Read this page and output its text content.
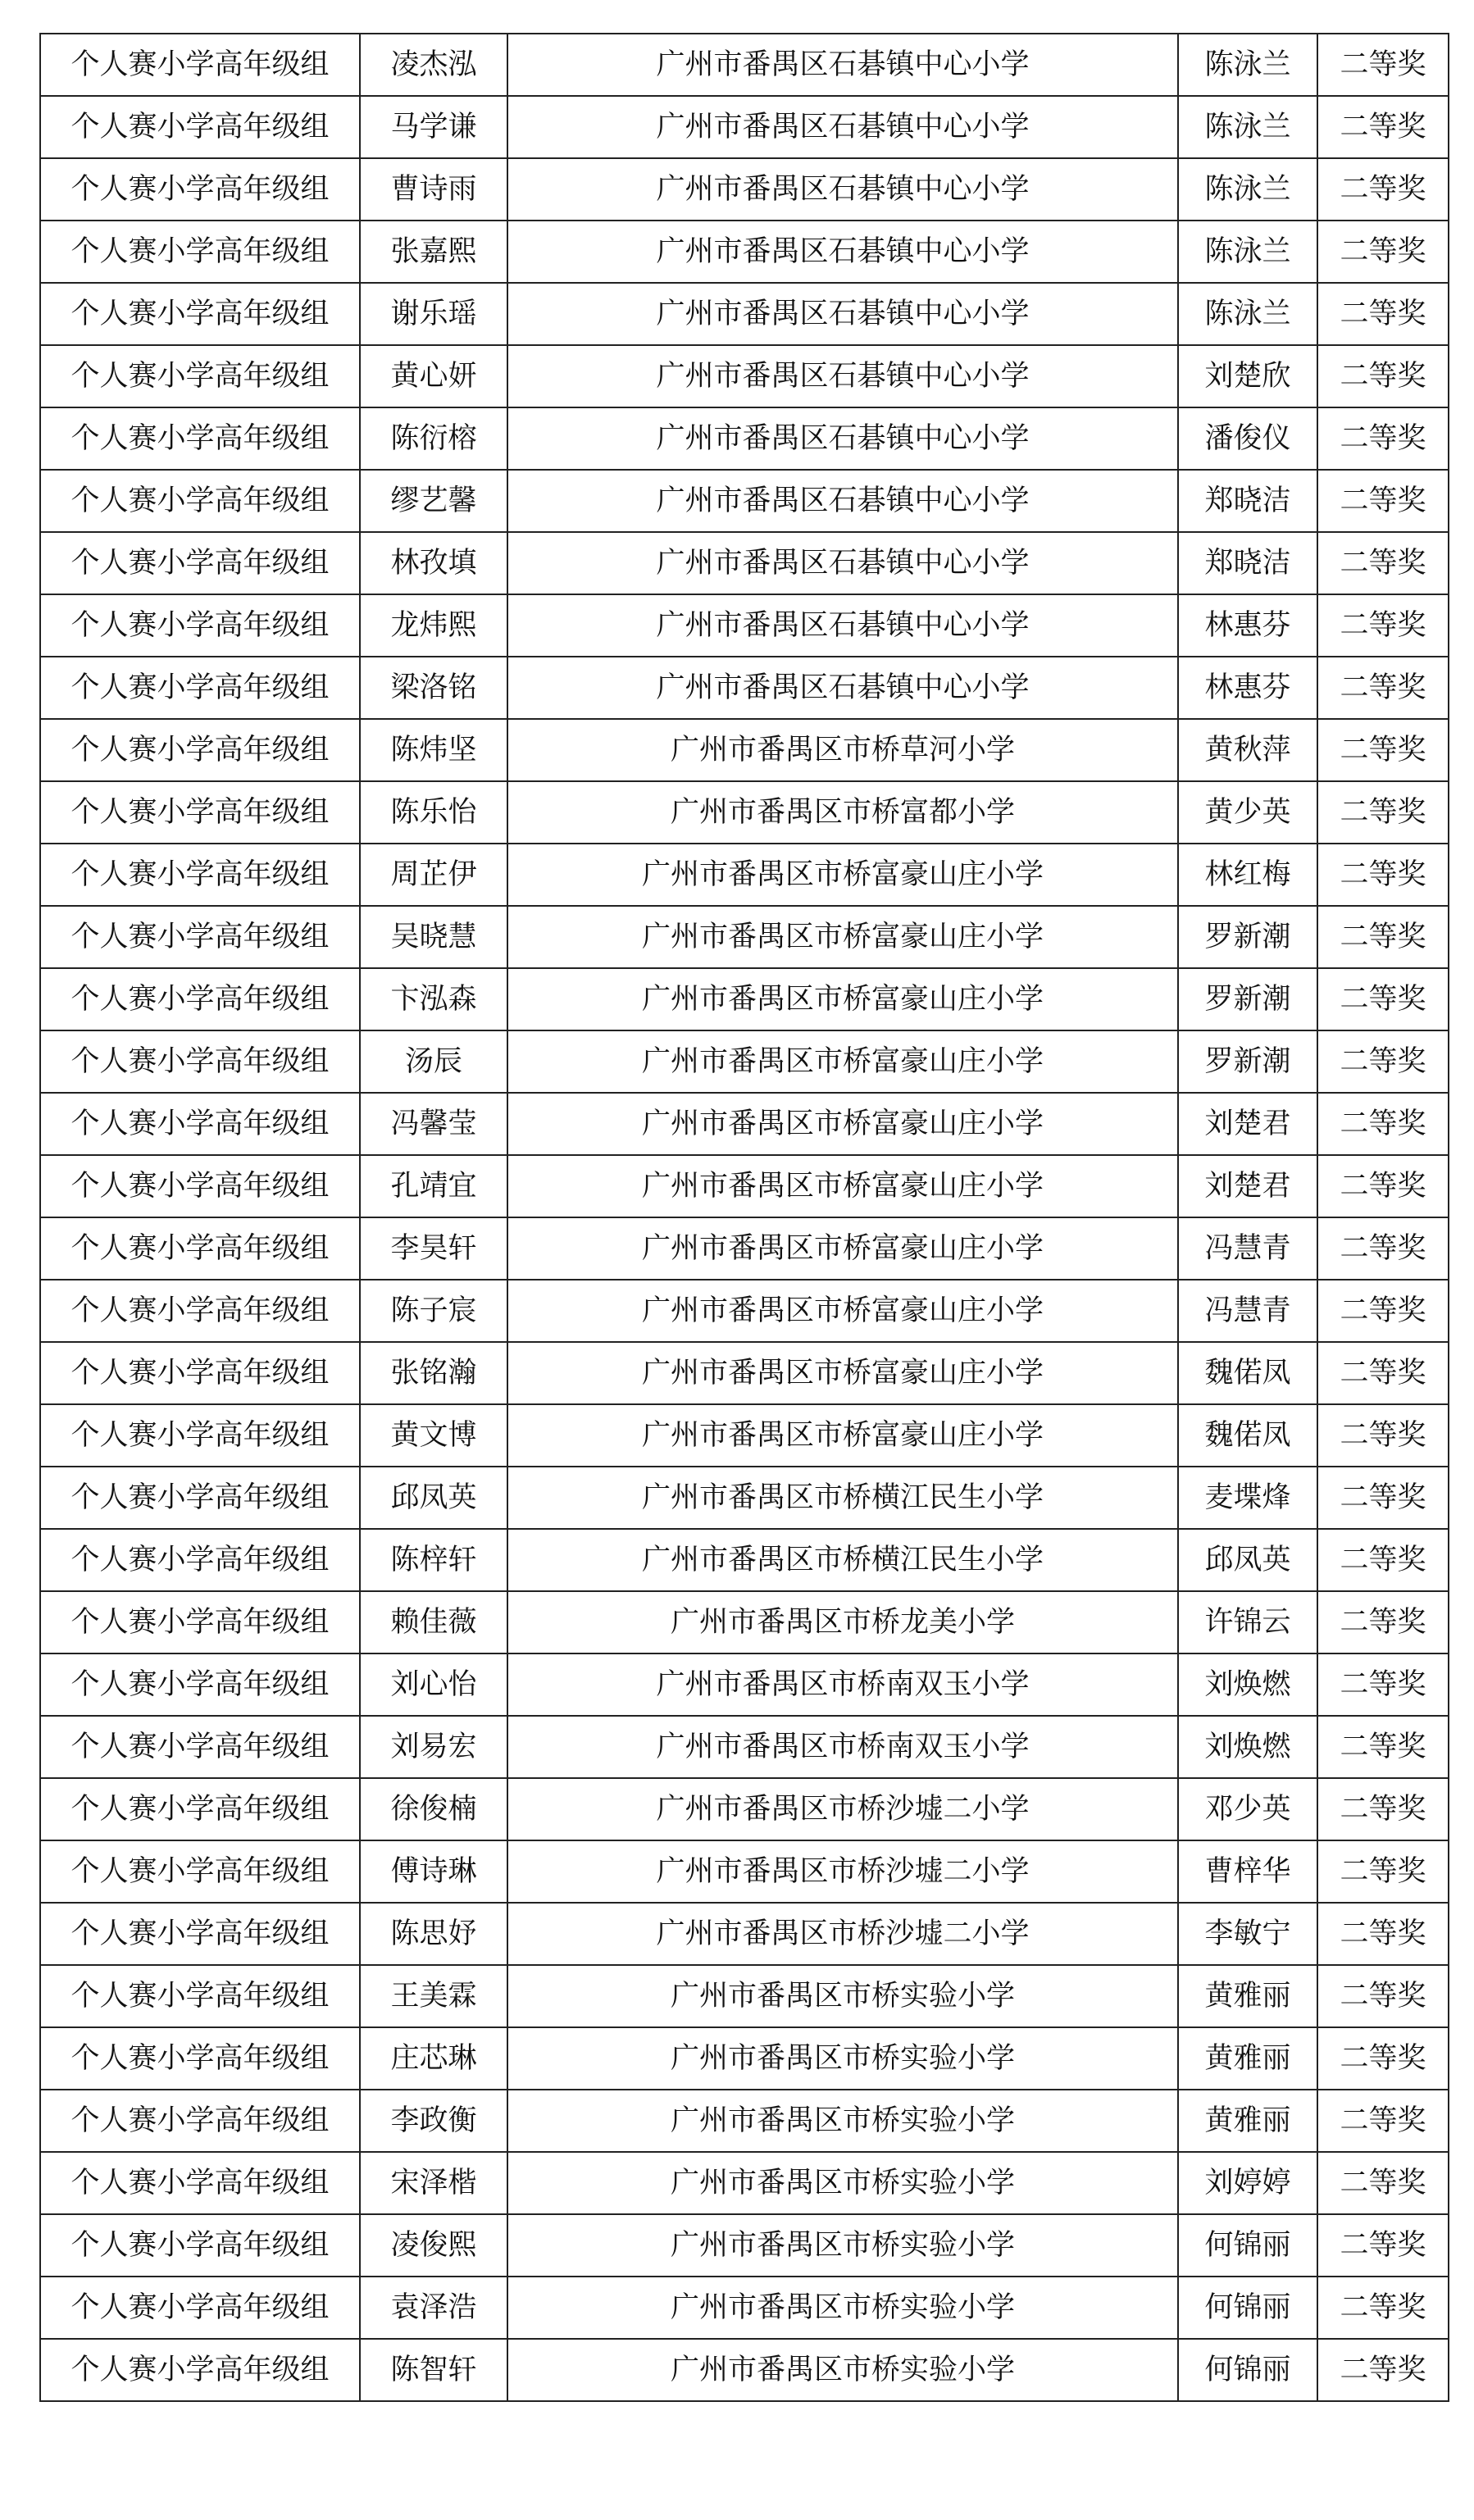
个人赛小学高年级组	凌杰泓	广州市番禺区石碁镇中心小学	陈泳兰	二等奖
个人赛小学高年级组	马学谦	广州市番禺区石碁镇中心小学	陈泳兰	二等奖
个人赛小学高年级组	曹诗雨	广州市番禺区石碁镇中心小学	陈泳兰	二等奖
个人赛小学高年级组	张嘉熙	广州市番禺区石碁镇中心小学	陈泳兰	二等奖
个人赛小学高年级组	谢乐瑶	广州市番禺区石碁镇中心小学	陈泳兰	二等奖
个人赛小学高年级组	黄心妍	广州市番禺区石碁镇中心小学	刘楚欣	二等奖
个人赛小学高年级组	陈衍榕	广州市番禺区石碁镇中心小学	潘俊仪	二等奖
个人赛小学高年级组	缪艺馨	广州市番禺区石碁镇中心小学	郑晓洁	二等奖
个人赛小学高年级组	林孜填	广州市番禺区石碁镇中心小学	郑晓洁	二等奖
个人赛小学高年级组	龙炜熙	广州市番禺区石碁镇中心小学	林惠芬	二等奖
个人赛小学高年级组	梁洛铭	广州市番禺区石碁镇中心小学	林惠芬	二等奖
个人赛小学高年级组	陈炜坚	广州市番禺区市桥草河小学	黄秋萍	二等奖
个人赛小学高年级组	陈乐怡	广州市番禺区市桥富都小学	黄少英	二等奖
个人赛小学高年级组	周芷伊	广州市番禺区市桥富豪山庄小学	林红梅	二等奖
个人赛小学高年级组	吴晓慧	广州市番禺区市桥富豪山庄小学	罗新潮	二等奖
个人赛小学高年级组	卞泓森	广州市番禺区市桥富豪山庄小学	罗新潮	二等奖
个人赛小学高年级组	汤辰	广州市番禺区市桥富豪山庄小学	罗新潮	二等奖
个人赛小学高年级组	冯馨莹	广州市番禺区市桥富豪山庄小学	刘楚君	二等奖
个人赛小学高年级组	孔靖宜	广州市番禺区市桥富豪山庄小学	刘楚君	二等奖
个人赛小学高年级组	李昊轩	广州市番禺区市桥富豪山庄小学	冯慧青	二等奖
个人赛小学高年级组	陈子宸	广州市番禺区市桥富豪山庄小学	冯慧青	二等奖
个人赛小学高年级组	张铭瀚	广州市番禺区市桥富豪山庄小学	魏偌凤	二等奖
个人赛小学高年级组	黄文博	广州市番禺区市桥富豪山庄小学	魏偌凤	二等奖
个人赛小学高年级组	邱凤英	广州市番禺区市桥横江民生小学	麦堞烽	二等奖
个人赛小学高年级组	陈梓轩	广州市番禺区市桥横江民生小学	邱凤英	二等奖
个人赛小学高年级组	赖佳薇	广州市番禺区市桥龙美小学	许锦云	二等奖
个人赛小学高年级组	刘心怡	广州市番禺区市桥南双玉小学	刘焕燃	二等奖
个人赛小学高年级组	刘易宏	广州市番禺区市桥南双玉小学	刘焕燃	二等奖
个人赛小学高年级组	徐俊楠	广州市番禺区市桥沙墟二小学	邓少英	二等奖
个人赛小学高年级组	傅诗琳	广州市番禺区市桥沙墟二小学	曹梓华	二等奖
个人赛小学高年级组	陈思妤	广州市番禺区市桥沙墟二小学	李敏宁	二等奖
个人赛小学高年级组	王美霖	广州市番禺区市桥实验小学	黄雅丽	二等奖
个人赛小学高年级组	庄芯琳	广州市番禺区市桥实验小学	黄雅丽	二等奖
个人赛小学高年级组	李政衡	广州市番禺区市桥实验小学	黄雅丽	二等奖
个人赛小学高年级组	宋泽楷	广州市番禺区市桥实验小学	刘婷婷	二等奖
个人赛小学高年级组	凌俊熙	广州市番禺区市桥实验小学	何锦丽	二等奖
个人赛小学高年级组	袁泽浩	广州市番禺区市桥实验小学	何锦丽	二等奖
个人赛小学高年级组	陈智轩	广州市番禺区市桥实验小学	何锦丽	二等奖
